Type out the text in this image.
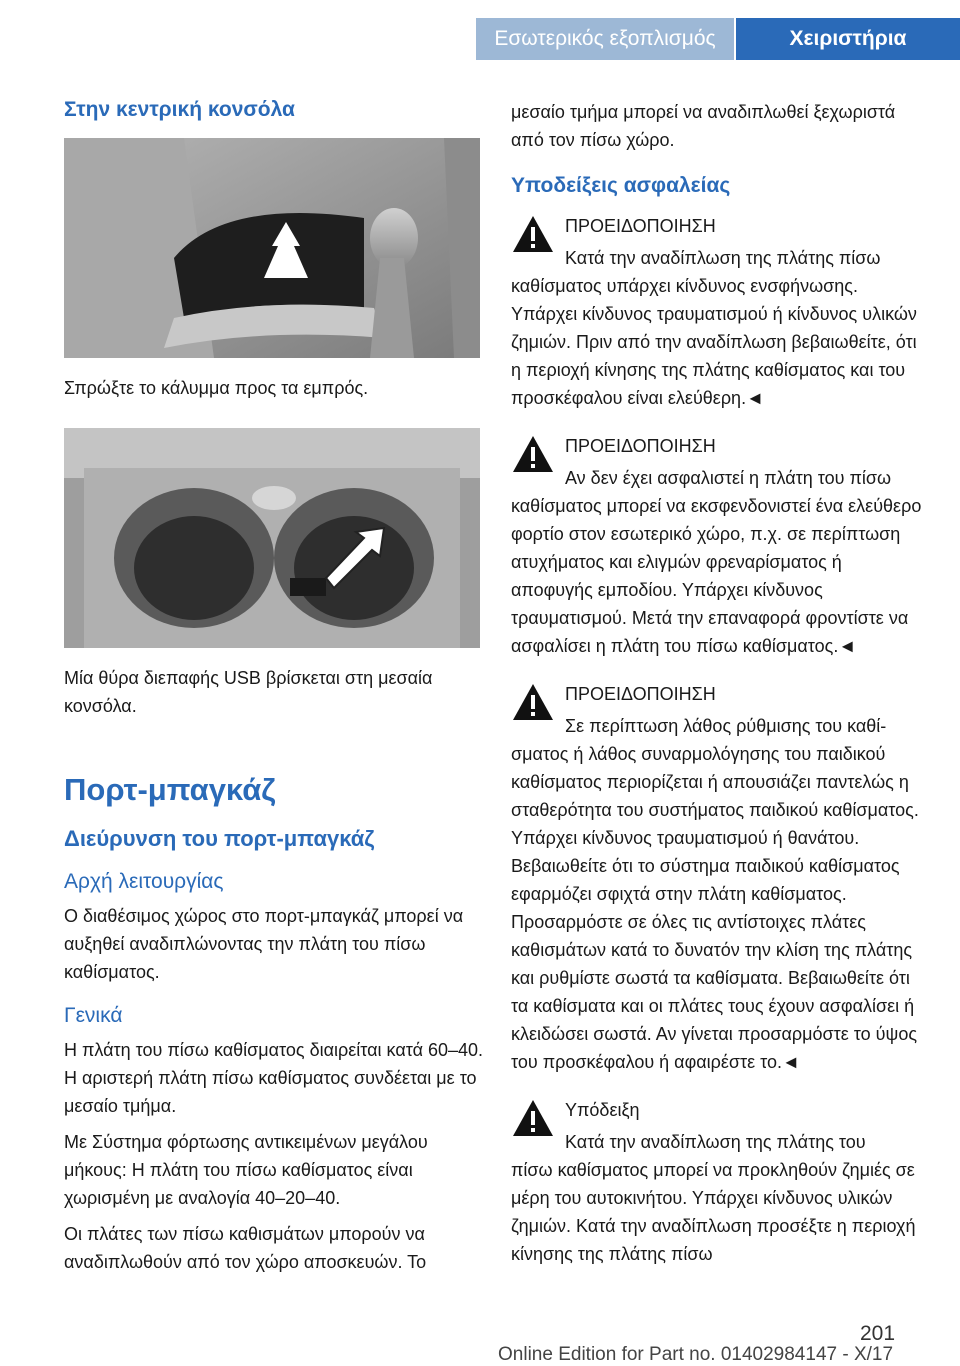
Εσωτερικός εξοπλισμός	Χειριστήρια
Στην κεντρική κονσόλα

Σπρώξτε το κάλυμμα προς τα εμπρός.

Μία θύρα διεπαφής USB βρίσκεται στη μεσαία κονσόλα.

Πορτ-μπαγκάζ
Διεύρυνση του πορτ-μπαγκάζ
Αρχή λειτουργίας

Ο διαθέσιμος χώρος στο πορτ-μπαγκάζ μπορεί να αυξηθεί αναδιπλώνοντας την πλάτη του πίσω καθίσματος.

Γενικά

Η πλάτη του πίσω καθίσματος διαιρείται κατά 60–40. Η αριστερή πλάτη πίσω καθίσματος συνδέεται με το μεσαίο τμήμα.

Με Σύστημα φόρτωσης αντικειμένων μεγάλου μήκους: Η πλάτη του πίσω καθίσματος είναι χωρισμένη με αναλογία 40–20–40.

Οι πλάτες των πίσω καθισμάτων μπορούν να αναδιπλωθούν από τον χώρο αποσκευών. Το

μεσαίο τμήμα μπορεί να αναδιπλωθεί ξεχωριστά από τον πίσω χώρο.

Υποδείξεις ασφαλείας
ΠΡΟΕΙΔΟΠΟΙΗΣΗ
Κατά την αναδίπλωση της πλάτης πίσω
καθίσματος υπάρχει κίνδυνος ενσφήνωσης. Υπάρχει κίνδυνος τραυματισμού ή κίνδυνος υλικών ζημιών. Πριν από την αναδίπλωση βεβαιωθείτε, ότι η περιοχή κίνησης της πλάτης καθίσματος και του προσκέφαλου είναι ελεύθερη.◄
ΠΡΟΕΙΔΟΠΟΙΗΣΗ
Αν δεν έχει ασφαλιστεί η πλάτη του πίσω
καθίσματος μπορεί να εκσφενδονιστεί ένα ελεύθερο φορτίο στον εσωτερικό χώρο, π.χ. σε περίπτωση ατυχήματος και ελιγμών φρεναρίσματος ή αποφυγής εμποδίου. Υπάρχει κίνδυνος τραυματισμού. Μετά την επαναφορά φροντίστε να ασφαλίσει η πλάτη του πίσω καθίσματος.◄
ΠΡΟΕΙΔΟΠΟΙΗΣΗ
Σε περίπτωση λάθος ρύθμισης του καθί-
σματος ή λάθος συναρμολόγησης του παιδικού καθίσματος περιορίζεται ή απουσιάζει παντελώς η σταθερότητα του συστήματος παιδικού καθίσματος. Υπάρχει κίνδυνος τραυματισμού ή θανάτου. Βεβαιωθείτε ότι το σύστημα παιδικού καθίσματος εφαρμόζει σφιχτά στην πλάτη καθίσματος. Προσαρμόστε σε όλες τις αντίστοιχες πλάτες καθισμάτων κατά το δυνατόν την κλίση της πλάτης και ρυθμίστε σωστά τα καθίσματα. Βεβαιωθείτε ότι τα καθίσματα και οι πλάτες τους έχουν ασφαλίσει ή κλειδώσει σωστά. Αν γίνεται προσαρμόστε το ύψος του προσκέφαλου ή αφαιρέστε το.◄
Υπόδειξη
Κατά την αναδίπλωση της πλάτης του
πίσω καθίσματος μπορεί να προκληθούν ζημιές σε μέρη του αυτοκινήτου. Υπάρχει κίνδυνος υλικών ζημιών. Κατά την αναδίπλωση προσέξτε η περιοχή κίνησης της πλάτης πίσω
201
Online Edition for Part no. 01402984147 - X/17
